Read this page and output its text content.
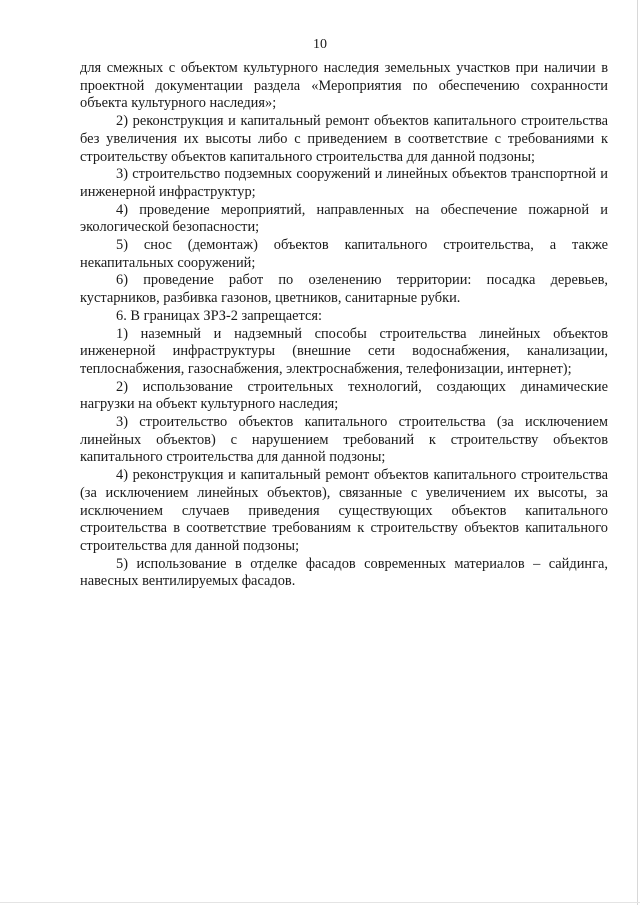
10

для смежных с объектом культурного наследия земельных участков при наличии в проектной документации раздела «Мероприятия по обеспечению сохранности объекта культурного наследия»;

2) реконструкция и капитальный ремонт объектов капитального строительства без увеличения их высоты либо с приведением в соответствие с требованиями к строительству объектов капитального строительства для данной подзоны;

3) строительство подземных сооружений и линейных объектов транспортной и инженерной инфраструктур;

4) проведение мероприятий, направленных на обеспечение пожарной и экологической безопасности;

5) снос (демонтаж) объектов капитального строительства, а также некапитальных сооружений;

6) проведение работ по озеленению территории: посадка деревьев, кустарников, разбивка газонов, цветников, санитарные рубки.

6. В границах ЗРЗ-2 запрещается:

1) наземный и надземный способы строительства линейных объектов инженерной инфраструктуры (внешние сети водоснабжения, канализации, теплоснабжения, газоснабжения, электроснабжения, телефонизации, интернет);

2) использование строительных технологий, создающих динамические нагрузки на объект культурного наследия;

3) строительство объектов капитального строительства (за исключением линейных объектов) с нарушением требований к строительству объектов капитального строительства для данной подзоны;

4) реконструкция и капитальный ремонт объектов капитального строительства (за исключением линейных объектов), связанные с увеличением их высоты, за исключением случаев приведения существующих объектов капитального строительства в соответствие требованиям к строительству объектов капитального строительства для данной подзоны;

5) использование в отделке фасадов современных материалов – сайдинга, навесных вентилируемых фасадов.
